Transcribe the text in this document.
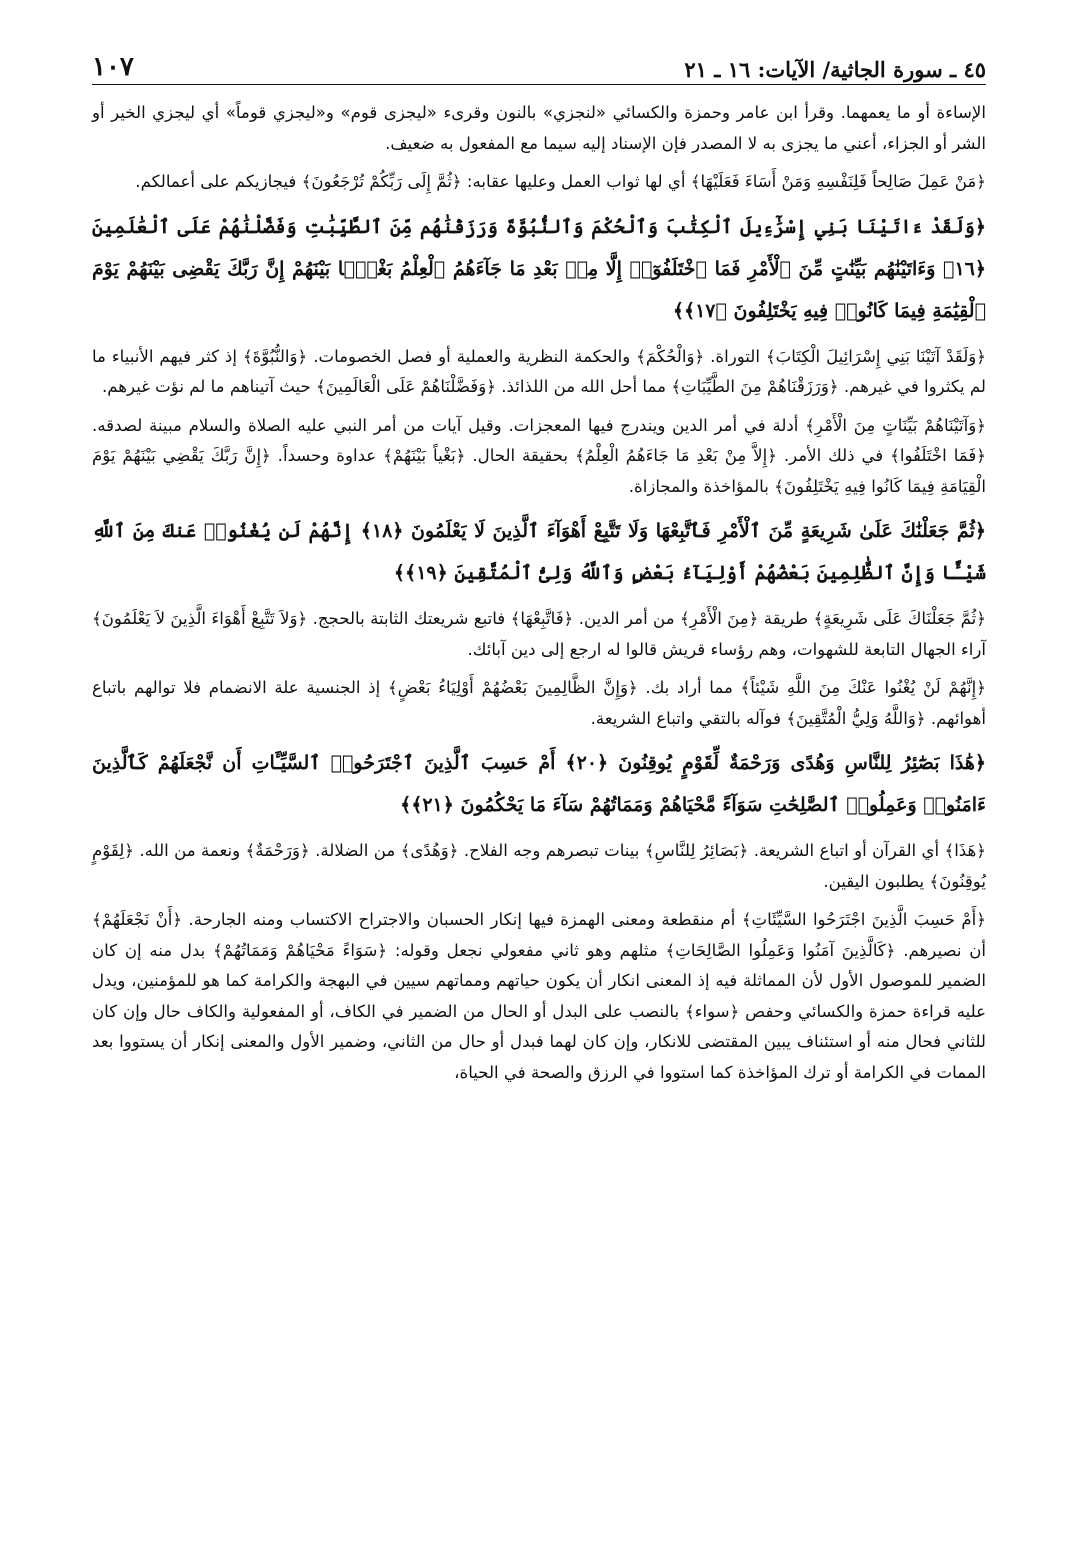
٤٥ ـ سورة الجاثية/ الآيات: ١٦ ـ ٢١
١٠٧

الإساءة أو ما يعمهما. وقرأ ابن عامر وحمزة والكسائي «لنجزي» بالنون وقرىء «ليجزى قوم» و«ليجزي قوماً» أي ليجزي الخير أو الشر أو الجزاء، أعني ما يجزى به لا المصدر فإن الإسناد إليه سيما مع المفعول به ضعيف.

﴿مَنْ عَمِلَ صَالِحاً فَلِنَفْسِهِ وَمَنْ أَسَاءَ فَعَلَيْهَا﴾ أي لها ثواب العمل وعليها عقابه: ﴿ثُمَّ إِلَى رَبِّكُمْ تُرْجَعُونَ﴾ فيجازيكم على أعمالكم.

﴿وَلَقَدْ ءَاتَيْنَا بَنِي إِسْرَٰٓءِيلَ ٱلْكِتَٰبَ وَٱلْحُكْمَ وَٱلنُّبُوَّةَ وَرَزَقْنَٰهُم مِّنَ ٱلطَّيِّبَٰتِ وَفَضَّلْنَٰهُمْ عَلَى ٱلْعَٰلَمِينَ ﴿١٦﴾ وَءَاتَيْنَٰهُم بَيِّنَٰتٍ مِّنَ ٱلْأَمْرِ فَمَا ٱخْتَلَفُوٓا۟ إِلَّا مِنۢ بَعْدِ مَا جَآءَهُمُ ٱلْعِلْمُ بَغْيًۢا بَيْنَهُمْ إِنَّ رَبَّكَ يَقْضِى بَيْنَهُمْ يَوْمَ ٱلْقِيَٰمَةِ فِيمَا كَانُوا۟ فِيهِ يَخْتَلِفُونَ ﴿١٧﴾﴾

﴿وَلَقَدْ آتَيْنَا بَنِي إِسْرَائِيلَ الْكِتَابَ﴾ التوراة. ﴿وَالْحُكْمَ﴾ والحكمة النظرية والعملية أو فصل الخصومات. ﴿وَالنُّبُوَّةَ﴾ إذ كثر فيهم الأنبياء ما لم يكثروا في غيرهم. ﴿وَرَزَقْنَاهُمْ مِنَ الطَّيِّبَاتِ﴾ مما أحل الله من اللذائذ. ﴿وَفَضَّلْنَاهُمْ عَلَى الْعَالَمِينَ﴾ حيث آتيناهم ما لم نؤت غيرهم.

﴿وَآتَيْنَاهُمْ بَيِّنَاتٍ مِنَ الْأَمْرِ﴾ أدلة في أمر الدين ويندرج فيها المعجزات. وقيل آيات من أمر النبي عليه الصلاة والسلام مبينة لصدقه. ﴿فَمَا اخْتَلَفُوا﴾ في ذلك الأمر. ﴿إِلاَّ مِنْ بَعْدِ مَا جَاءَهُمُ الْعِلْمُ﴾ بحقيقة الحال. ﴿بَغْياً بَيْنَهُمْ﴾ عداوة وحسداً. ﴿إِنَّ رَبَّكَ يَقْضِي بَيْنَهُمْ يَوْمَ الْقِيَامَةِ فِيمَا كَانُوا فِيهِ يَخْتَلِفُونَ﴾ بالمؤاخذة والمجازاة.

﴿ثُمَّ جَعَلْنَٰكَ عَلَىٰ شَرِيعَةٍ مِّنَ ٱلْأَمْرِ فَٱتَّبِعْهَا وَلَا تَتَّبِعْ أَهْوَآءَ ٱلَّذِينَ لَا يَعْلَمُونَ ﴿١٨﴾ إِنَّهُمْ لَن يُغْنُوا۟ عَنكَ مِنَ ٱللَّهِ شَيْـًٔا وَإِنَّ ٱلظَّٰلِمِينَ بَعْضُهُمْ أَوْلِيَآءُ بَعْضٍ وَٱللَّهُ وَلِىُّ ٱلْمُتَّقِينَ ﴿١٩﴾﴾

﴿ثُمَّ جَعَلْنَاكَ عَلَى شَرِيعَةٍ﴾ طريقة ﴿مِنَ الْأَمْرِ﴾ من أمر الدين. ﴿فَاتَّبِعْهَا﴾ فاتبع شريعتك الثابتة بالحجج. ﴿وَلاَ تَتَّبِعْ أَهْوَاءَ الَّذِينَ لاَ يَعْلَمُونَ﴾ آراء الجهال التابعة للشهوات، وهم رؤساء قريش قالوا له ارجع إلى دين آبائك.

﴿إِنَّهُمْ لَنْ يُغْنُوا عَنْكَ مِنَ اللَّهِ شَيْئاً﴾ مما أراد بك. ﴿وَإِنَّ الظَّالِمِينَ بَعْضُهُمْ أَوْلِيَاءُ بَعْضٍ﴾ إذ الجنسية علة الانضمام فلا توالهم باتباع أهوائهم. ﴿وَاللَّهُ وَلِيُّ الْمُتَّقِينَ﴾ فوآله بالتقي واتباع الشريعة.

﴿هَٰذَا بَصَٰٓئِرُ لِلنَّاسِ وَهُدًى وَرَحْمَةٌ لِّقَوْمٍ يُوقِنُونَ ﴿٢٠﴾ أَمْ حَسِبَ ٱلَّذِينَ ٱجْتَرَحُوا۟ ٱلسَّيِّـَٔاتِ أَن نَّجْعَلَهُمْ كَٱلَّذِينَ ءَامَنُوا۟ وَعَمِلُوا۟ ٱلصَّٰلِحَٰتِ سَوَآءً مَّحْيَاهُمْ وَمَمَاتُهُمْ سَآءَ مَا يَحْكُمُونَ ﴿٢١﴾﴾

﴿هَذَا﴾ أي القرآن أو اتباع الشريعة. ﴿بَصَائِرُ لِلنَّاسِ﴾ بينات تبصرهم وجه الفلاح. ﴿وَهُدًى﴾ من الضلالة. ﴿وَرَحْمَةٌ﴾ ونعمة من الله. ﴿لِقَوْمٍ يُوقِنُونَ﴾ يطلبون اليقين.

﴿أَمْ حَسِبَ الَّذِينَ اجْتَرَحُوا السَّيِّئَاتِ﴾ أم منقطعة ومعنى الهمزة فيها إنكار الحسبان والاجتراح الاكتساب ومنه الجارحة. ﴿أَنْ نَجْعَلَهُمْ﴾ أن نصيرهم. ﴿كَالَّذِينَ آمَنُوا وَعَمِلُوا الصَّالِحَاتِ﴾ مثلهم وهو ثاني مفعولي نجعل وقوله: ﴿سَوَاءً مَحْيَاهُمْ وَمَمَاتُهُمْ﴾ بدل منه إن كان الضمير للموصول الأول لأن المماثلة فيه إذ المعنى انكار أن يكون حياتهم ومماتهم سيين في البهجة والكرامة كما هو للمؤمنين، ويدل عليه قراءة حمزة والكسائي وحفص ﴿سواء﴾ بالنصب على البدل أو الحال من الضمير في الكاف، أو المفعولية والكاف حال وإن كان للثاني فحال منه أو استئناف يبين المقتضى للانكار، وإن كان لهما فبدل أو حال من الثاني، وضمير الأول والمعنى إنكار أن يستووا بعد الممات في الكرامة أو ترك المؤاخذة كما استووا في الرزق والصحة في الحياة،
